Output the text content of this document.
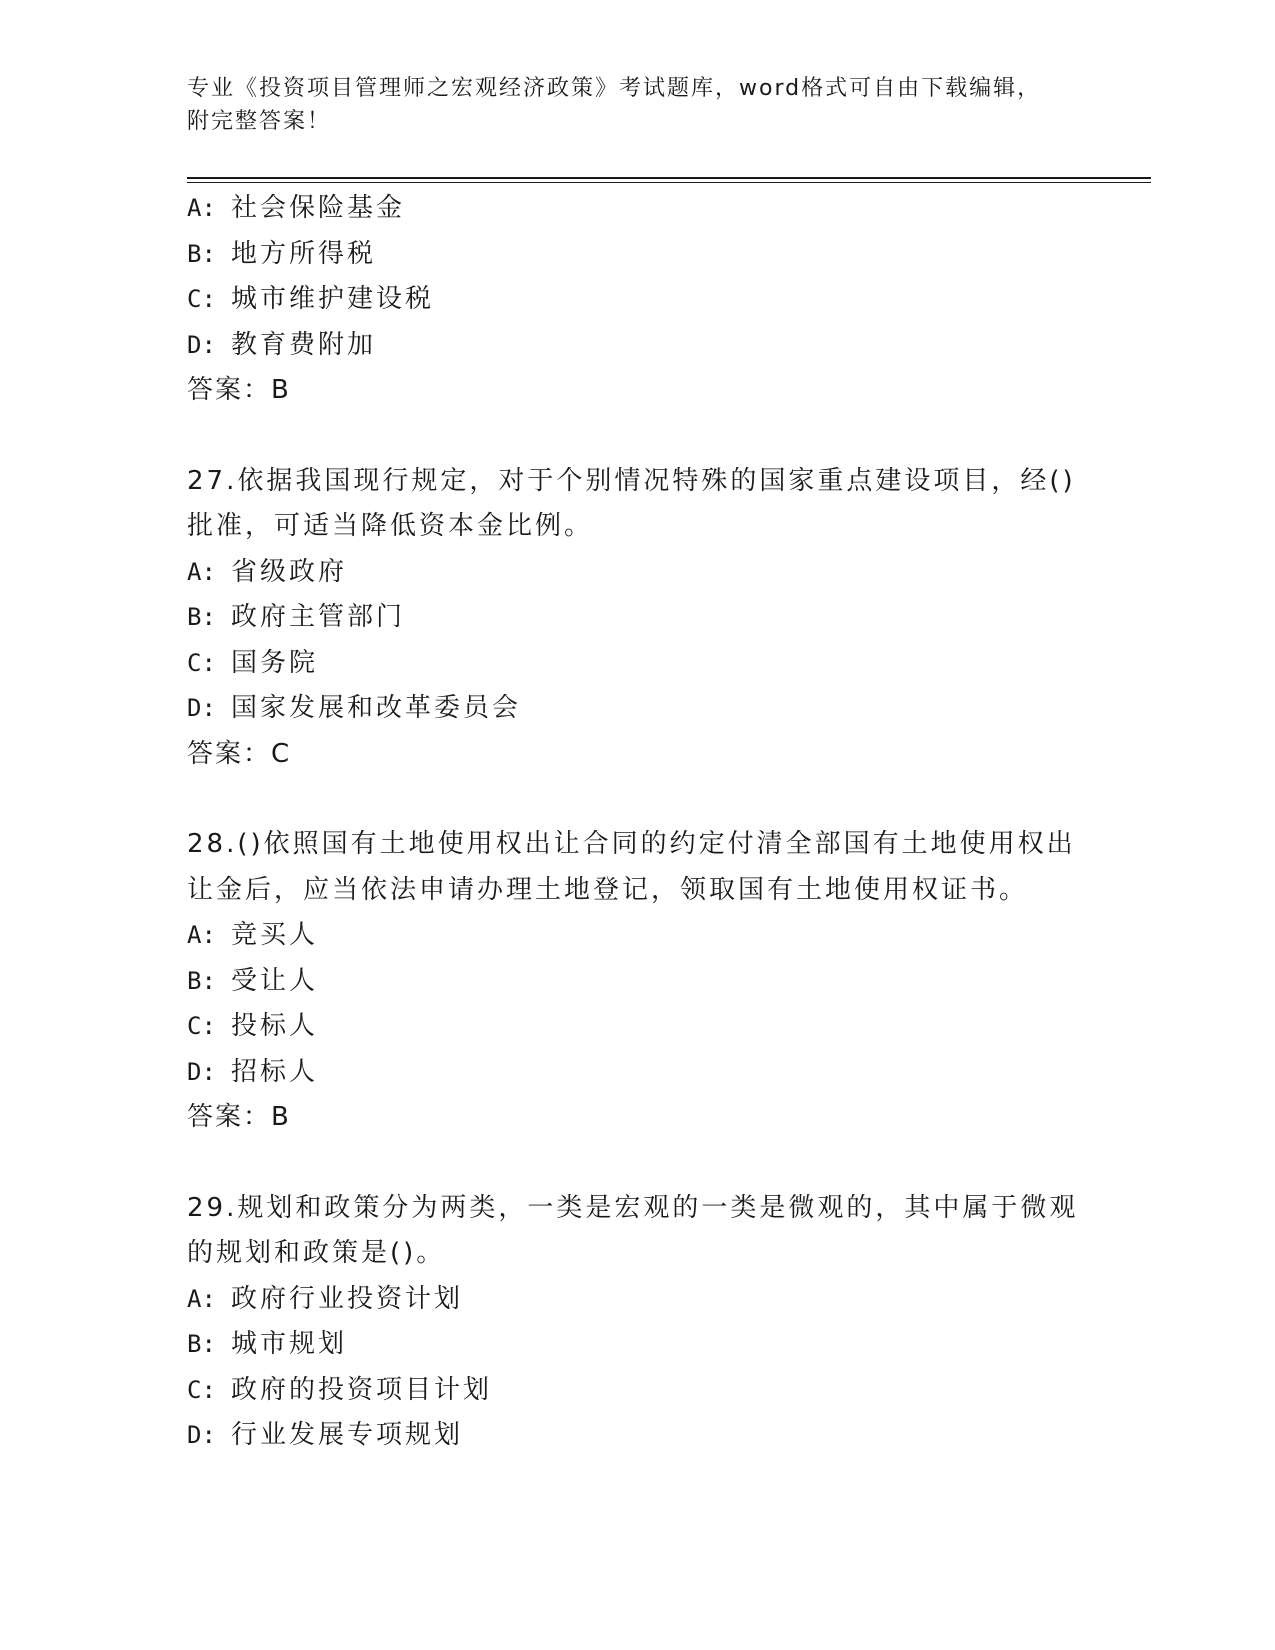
专业《投资项目管理师之宏观经济政策》考试题库，word格式可自由下载编辑，
附完整答案！
A: 社会保险基金
B: 地方所得税
C: 城市维护建设税
D: 教育费附加
答案：B
27.依据我国现行规定，对于个别情况特殊的国家重点建设项目，经()
批准，可适当降低资本金比例。
A: 省级政府
B: 政府主管部门
C: 国务院
D: 国家发展和改革委员会
答案：C
28.()依照国有土地使用权出让合同的约定付清全部国有土地使用权出
让金后，应当依法申请办理土地登记，领取国有土地使用权证书。
A: 竞买人
B: 受让人
C: 投标人
D: 招标人
答案：B
29.规划和政策分为两类，一类是宏观的一类是微观的，其中属于微观
的规划和政策是()。
A: 政府行业投资计划
B: 城市规划
C: 政府的投资项目计划
D: 行业发展专项规划
